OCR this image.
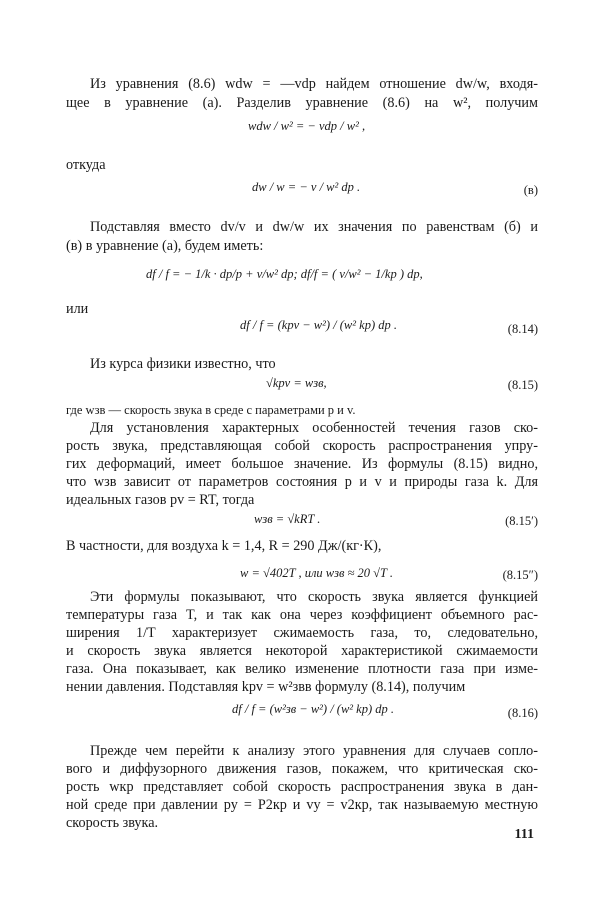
Из уравнения (8.6) wdw = —vdp найдем отношение dw/w, входя-
щее в уравнение (а). Разделив уравнение (8.6) на w², получим
wdw / w² = − vdp / w² ,
откуда
dw / w = − v / w² dp .	(в)
Подставляя вместо dv/v и dw/w их значения по равенствам (б) и
(в) в уравнение (а), будем иметь:
df / f = − 1/k · dp/p + v/w² dp; df/f = ( v/w² − 1/kp ) dp,
или
df / f = (kpv − w²) / (w² kp) dp .	(8.14)
Из курса физики известно, что
√kpv = wзв,	(8.15)
где wзв — скорость звука в среде с параметрами p и v.
Для установления характерных особенностей течения газов ско-
рость звука, представляющая собой скорость распространения упру-
гих деформаций, имеет большое значение. Из формулы (8.15) видно,
что wзв зависит от параметров состояния p и v и природы газа k. Для
идеальных газов pv = RT, тогда
wзв = √kRT .	(8.15′)
В частности, для воздуха k = 1,4, R = 290 Дж/(кг·К),
w = √402T , или wзв ≈ 20 √T .	(8.15″)
Эти формулы показывают, что скорость звука является функцией
температуры газа T, и так как она через коэффициент объемного рас-
ширения 1/T характеризует сжимаемость газа, то, следовательно,
и скорость звука является некоторой характеристикой сжимаемости
газа. Она показывает, как велико изменение плотности газа при изме-
нении давления. Подставляя kpv = w²звв формулу (8.14), получим
df / f = (w²зв − w²) / (w² kp) dp .	(8.16)
Прежде чем перейти к анализу этого уравнения для случаев сопло-
вого и диффузорного движения газов, покажем, что критическая ско-
рость wкр представляет собой скорость распространения звука в дан-
ной среде при давлении pу = P2кр и vу = v2кр, так называемую местную
скорость звука.
111
